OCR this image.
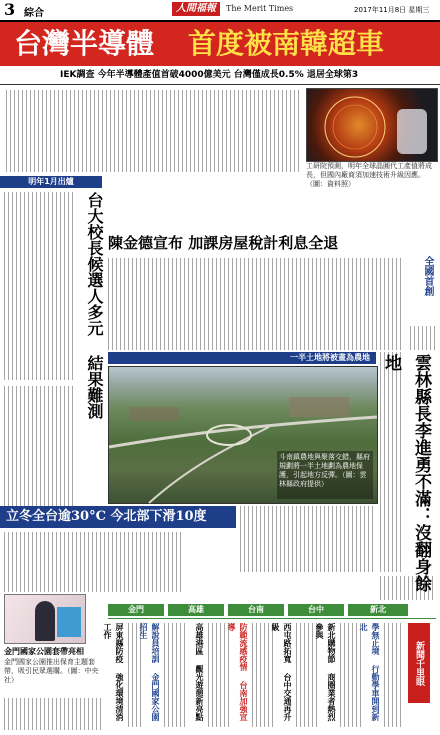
3 綜合	人間福報	The Merit Times	2017年11月8日 星期三
台灣半導體 首度被南韓超車
IEK調查 今年半導體產值首破4000億美元 台灣僅成長0.5% 退居全球第3
工研院預測，明年全球晶圓代工產值將成長，但國內廠商須加速技術升級因應。（圖：資料照）
明年1月出爐
台大校長候選人多元 結果難測 陳金德宣布 加課房屋稅計利息全退
全國首創
一半土地將被畫為農地
斗南鎮農地與聚落交錯，縣府規劃將一半土地劃為農地保護，引起地方反彈。（圖：雲林縣政府提供）	雲林縣長李進勇不滿：沒翻身餘地
立冬全台逾30°C 今北部下滑10度
金門國家公園套帶亮相
金門國家公園推出保育主題套帶，吸引民眾選購。（圖：中央社）
金門	高雄	台南	台中	新北
屏東縣防疫 強化環境清消工作	解說員培訓 金門國家公園招生	高雄港區 觀光遊憩新亮點	防範流感疫情 台南加強宣導	西屯路拓寬 台中交通再升級	新北購物節 商圈業者熱烈參與	學無止境 行動學車開到新北
新聞千里眼
